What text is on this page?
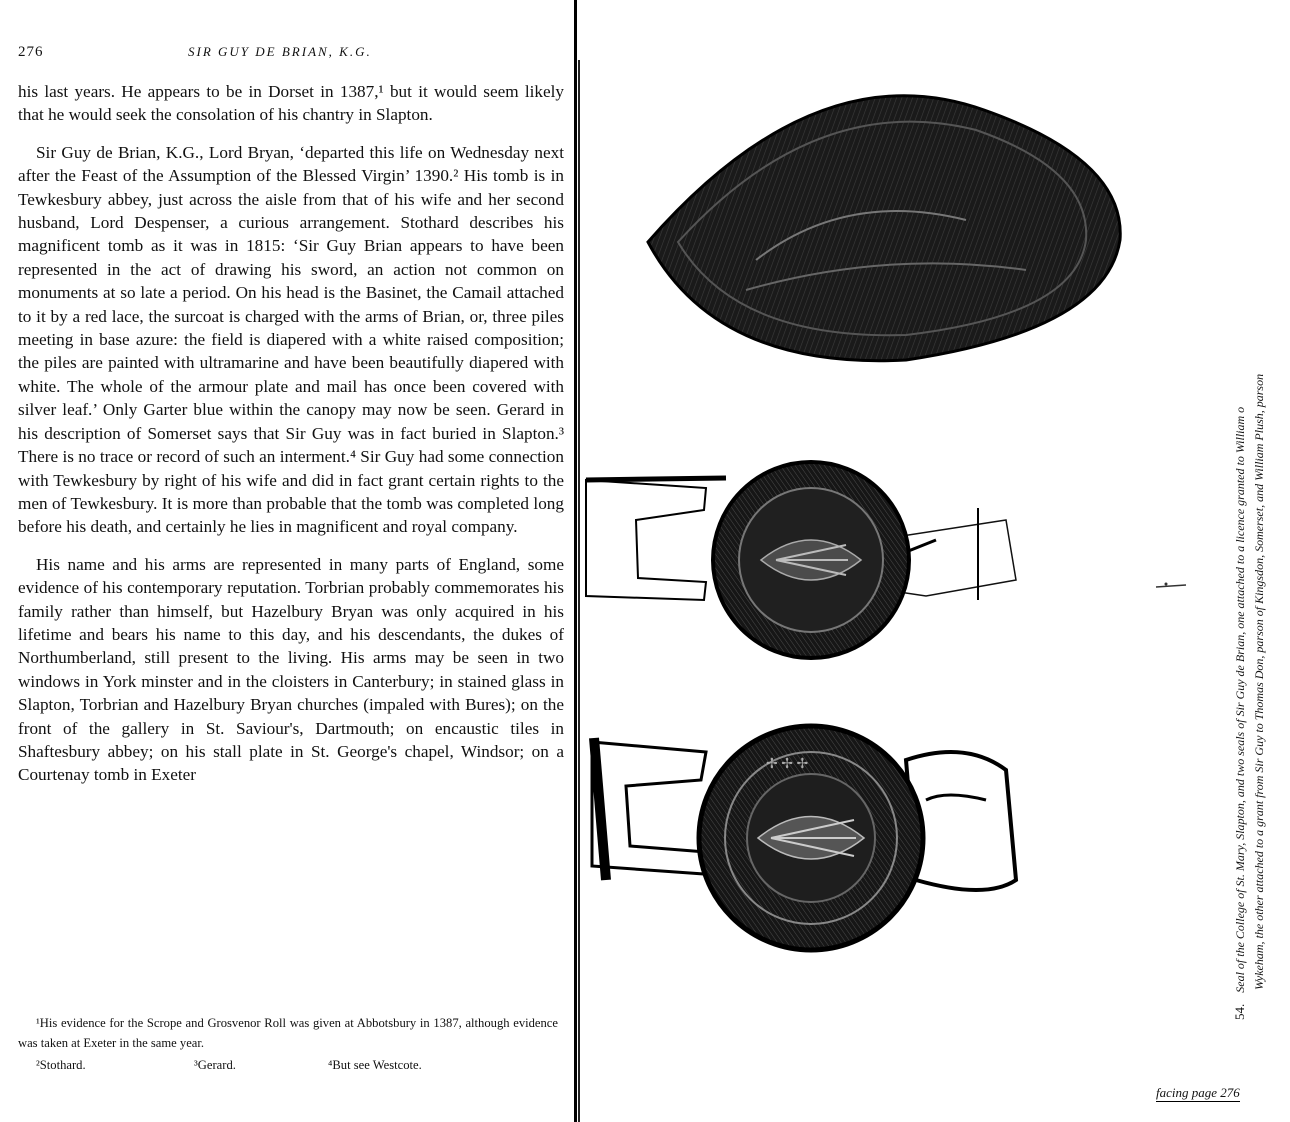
276	SIR GUY DE BRIAN, K.G.

his last years. He appears to be in Dorset in 1387,¹ but it would seem likely that he would seek the consolation of his chantry in Slapton.

Sir Guy de Brian, K.G., Lord Bryan, ‘departed this life on Wednesday next after the Feast of the Assumption of the Blessed Virgin’ 1390.² His tomb is in Tewkesbury abbey, just across the aisle from that of his wife and her second husband, Lord Despenser, a curious arrangement. Stothard describes his magnificent tomb as it was in 1815: ‘Sir Guy Brian appears to have been represented in the act of drawing his sword, an action not common on monuments at so late a period. On his head is the Basinet, the Camail attached to it by a red lace, the surcoat is charged with the arms of Brian, or, three piles meeting in base azure: the field is diapered with a white raised composition; the piles are painted with ultramarine and have been beautifully diapered with white. The whole of the armour plate and mail has once been covered with silver leaf.’ Only Garter blue within the canopy may now be seen. Gerard in his description of Somerset says that Sir Guy was in fact buried in Slapton.³ There is no trace or record of such an interment.⁴ Sir Guy had some connection with Tewkesbury by right of his wife and did in fact grant certain rights to the men of Tewkesbury. It is more than probable that the tomb was completed long before his death, and certainly he lies in magnificent and royal company.

His name and his arms are represented in many parts of England, some evidence of his contemporary reputation. Torbrian probably commemorates his family rather than himself, but Hazelbury Bryan was only acquired in his lifetime and bears his name to this day, and his descendants, the dukes of Northumberland, still present to the living. His arms may be seen in two windows in York minster and in the cloisters in Canterbury; in stained glass in Slapton, Torbrian and Hazelbury Bryan churches (impaled with Bures); on the front of the gallery in St. Saviour's, Dartmouth; on encaustic tiles in Shaftesbury abbey; on his stall plate in St. George's chapel, Windsor; on a Courtenay tomb in Exeter

¹His evidence for the Scrope and Grosvenor Roll was given at Abbotsbury in 1387, although evidence was taken at Exeter in the same year.

²Stothard.	³Gerard.	⁴But see Westcote.
✢ ✢ ✢
54. Seal of the College of St. Mary, Slapton, and two seals of Sir Guy de Brian, one attached to a licence granted to William o Wykeham, the other attached to a grant from Sir Guy to Thomas Don, parson of Kingsdon, Somerset, and William Plush, parson
facing page 276
